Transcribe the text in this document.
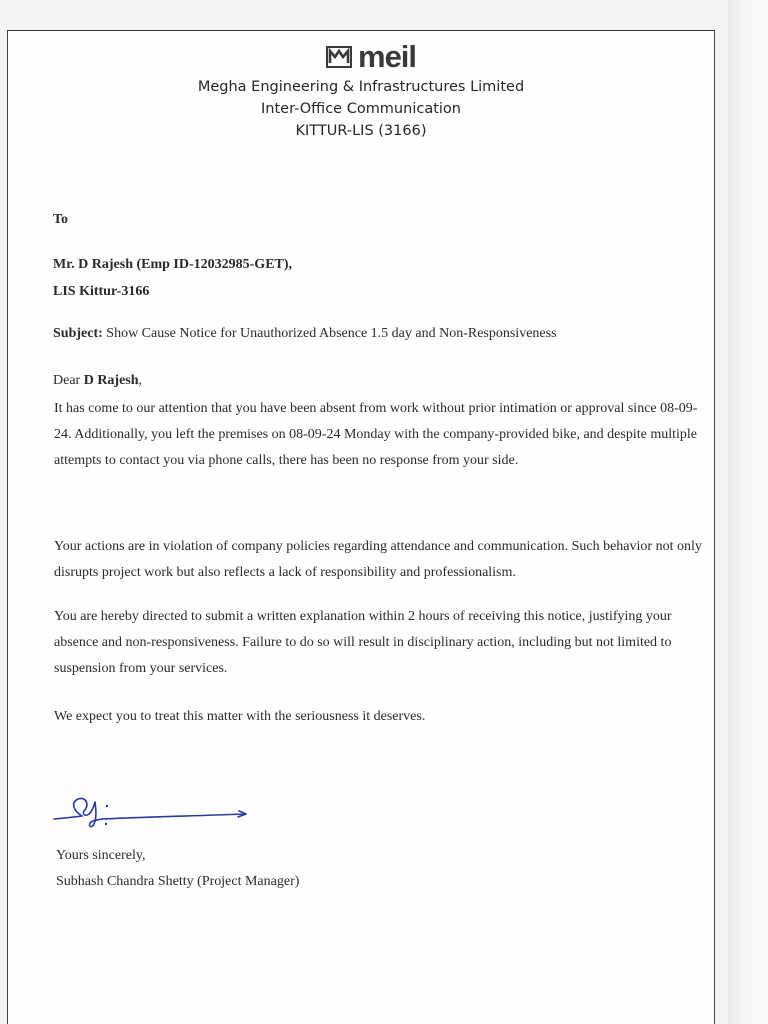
meil
Megha Engineering & Infrastructures Limited
Inter-Office Communication
KITTUR-LIS (3166)
To
Mr. D Rajesh (Emp ID-12032985-GET),
LIS Kittur-3166
Subject: Show Cause Notice for Unauthorized Absence 1.5 day and Non-Responsiveness
Dear D Rajesh,

It has come to our attention that you have been absent from work without prior intimation or approval since 08-09-24. Additionally, you left the premises on 08-09-24 Monday with the company-provided bike, and despite multiple attempts to contact you via phone calls, there has been no response from your side.

Your actions are in violation of company policies regarding attendance and communication. Such behavior not only disrupts project work but also reflects a lack of responsibility and professionalism.

You are hereby directed to submit a written explanation within 2 hours of receiving this notice, justifying your absence and non-responsiveness. Failure to do so will result in disciplinary action, including but not limited to suspension from your services.

We expect you to treat this matter with the seriousness it deserves.

Yours sincerely,
Subhash Chandra Shetty (Project Manager)
